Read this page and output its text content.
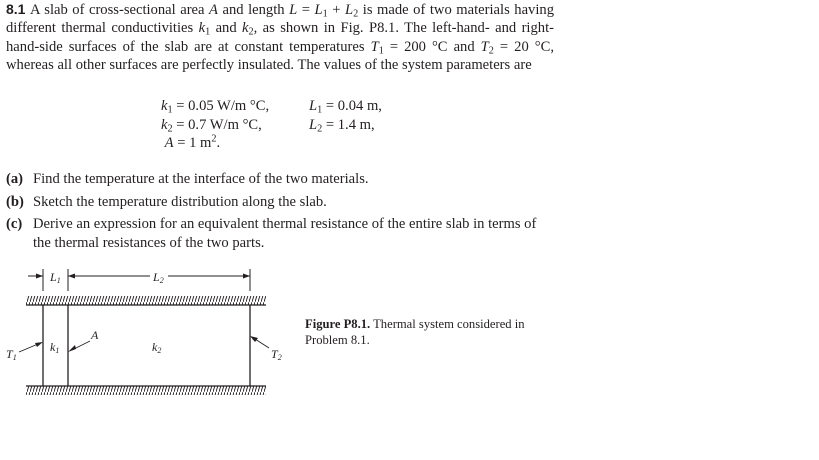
8.1 A slab of cross-sectional area A and length $L = L_1 + L_2$ is made of two materials having different thermal conductivities $k_1$ and $k_2$, as shown in Fig. P8.1. The left-hand- and right-hand-side surfaces of the slab are at constant temperatures $T_1 = 200$ °C and $T_2 = 20$ °C, whereas all other surfaces are perfectly insulated. The values of the system parameters are

$k_1 = 0.05$ W/m °C,	$L_1 = 0.04$ m,
$k_2 = 0.7$ W/m °C,	$L_2 = 1.4$ m,
A = 1 $m^2$.
(a) Find the temperature at the interface of the two materials.
(b) Sketch the temperature distribution along the slab.
(c) Derive an expression for an equivalent thermal resistance of the entire slab in terms of the thermal resistances of the two parts.
L1	L2
T1
k1
A
k2	T2
Figure P8.1. Thermal system considered in Problem 8.1.
